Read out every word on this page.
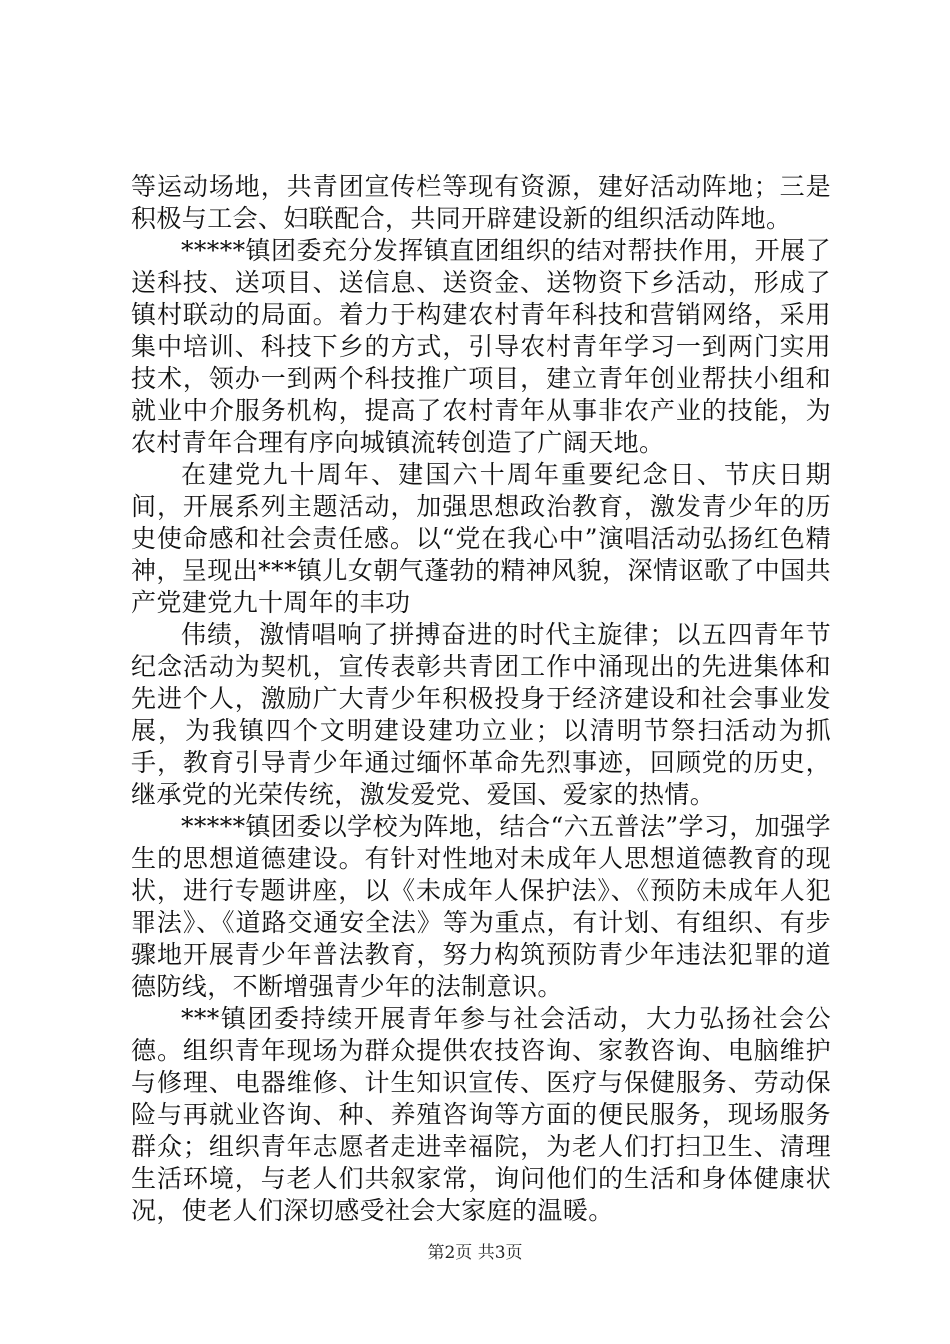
等运动场地，共青团宣传栏等现有资源，建好活动阵地；三是积极与工会、妇联配合，共同开辟建设新的组织活动阵地。

*****镇团委充分发挥镇直团组织的结对帮扶作用，开展了送科技、送项目、送信息、送资金、送物资下乡活动，形成了镇村联动的局面。着力于构建农村青年科技和营销网络，采用集中培训、科技下乡的方式，引导农村青年学习一到两门实用技术，领办一到两个科技推广项目，建立青年创业帮扶小组和就业中介服务机构，提高了农村青年从事非农产业的技能，为农村青年合理有序向城镇流转创造了广阔天地。

在建党九十周年、建国六十周年重要纪念日、节庆日期间，开展系列主题活动，加强思想政治教育，激发青少年的历史使命感和社会责任感。以“党在我心中”演唱活动弘扬红色精神，呈现出***镇儿女朝气蓬勃的精神风貌，深情讴歌了中国共产党建党九十周年的丰功

伟绩，激情唱响了拼搏奋进的时代主旋律；以五四青年节纪念活动为契机，宣传表彰共青团工作中涌现出的先进集体和先进个人，激励广大青少年积极投身于经济建设和社会事业发展，为我镇四个文明建设建功立业；以清明节祭扫活动为抓手，教育引导青少年通过缅怀革命先烈事迹，回顾党的历史，继承党的光荣传统，激发爱党、爱国、爱家的热情。

*****镇团委以学校为阵地，结合“六五普法”学习，加强学生的思想道德建设。有针对性地对未成年人思想道德教育的现状，进行专题讲座，以《未成年人保护法》、《预防未成年人犯罪法》、《道路交通安全法》等为重点，有计划、有组织、有步骤地开展青少年普法教育，努力构筑预防青少年违法犯罪的道德防线，不断增强青少年的法制意识。

***镇团委持续开展青年参与社会活动，大力弘扬社会公德。组织青年现场为群众提供农技咨询、家教咨询、电脑维护与修理、电器维修、计生知识宣传、医疗与保健服务、劳动保险与再就业咨询、种、养殖咨询等方面的便民服务，现场服务群众；组织青年志愿者走进幸福院，为老人们打扫卫生、清理生活环境，与老人们共叙家常，询问他们的生活和身体健康状况，使老人们深切感受社会大家庭的温暖。

第2页 共3页
